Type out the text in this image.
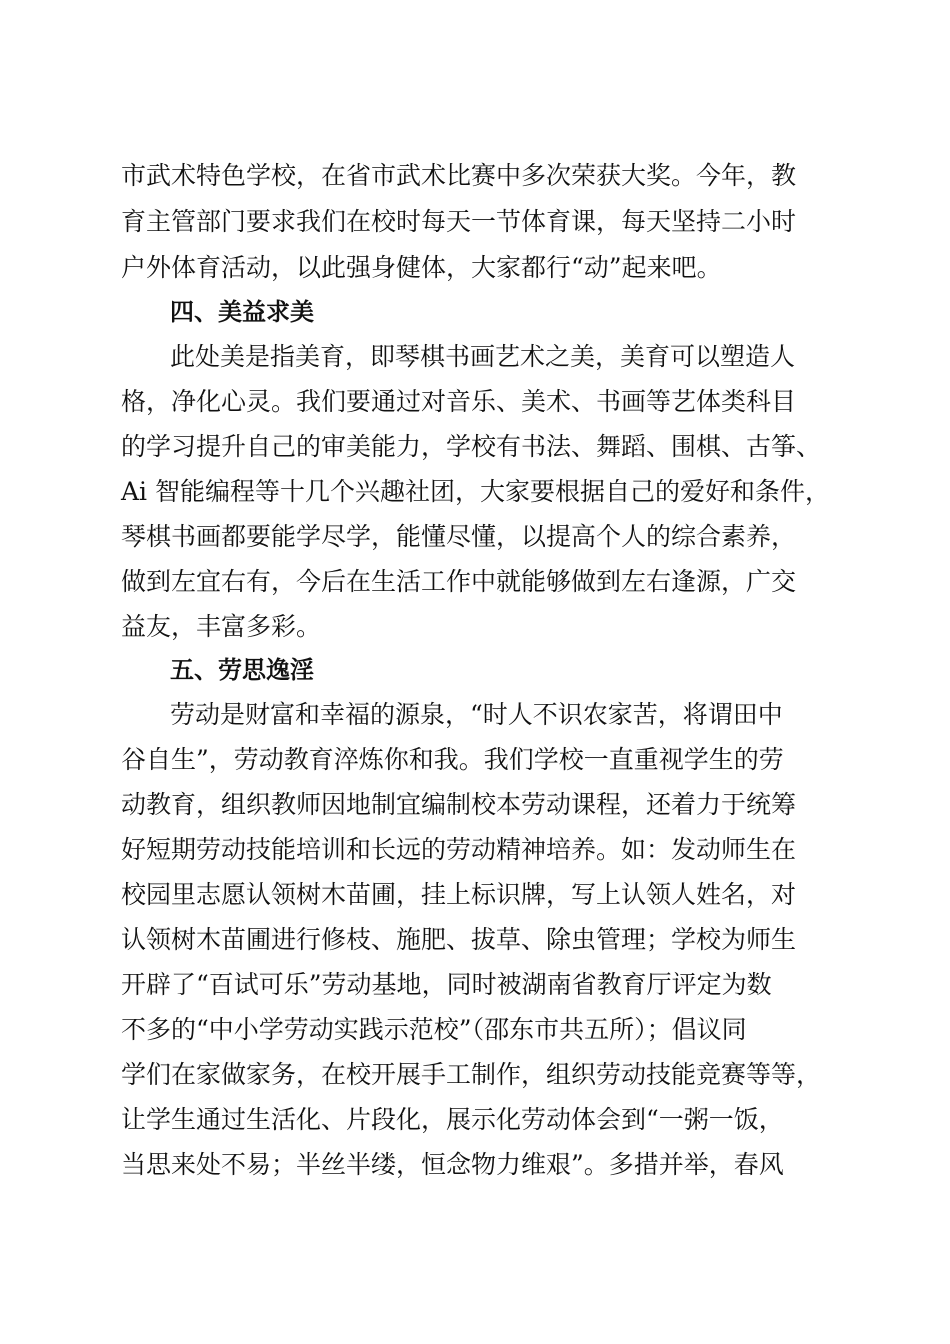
市武术特色学校，在省市武术比赛中多次荣获大奖。今年，教
育主管部门要求我们在校时每天一节体育课，每天坚持二小时
户外体育活动，以此强身健体，大家都行“动”起来吧。
四、美益求美
此处美是指美育，即琴棋书画艺术之美，美育可以塑造人
格，净化心灵。我们要通过对音乐、美术、书画等艺体类科目
的学习提升自己的审美能力，学校有书法、舞蹈、围棋、古筝、
Ai 智能编程等十几个兴趣社团，大家要根据自己的爱好和条件，
琴棋书画都要能学尽学，能懂尽懂，以提高个人的综合素养，
做到左宜右有，今后在生活工作中就能够做到左右逢源，广交
益友，丰富多彩。
五、劳思逸淫
劳动是财富和幸福的源泉，“时人不识农家苦，将谓田中
谷自生”，劳动教育淬炼你和我。我们学校一直重视学生的劳
动教育，组织教师因地制宜编制校本劳动课程，还着力于统筹
好短期劳动技能培训和长远的劳动精神培养。如：发动师生在
校园里志愿认领树木苗圃，挂上标识牌，写上认领人姓名，对
认领树木苗圃进行修枝、施肥、拔草、除虫管理；学校为师生
开辟了“百试可乐”劳动基地，同时被湖南省教育厅评定为数
不多的“中小学劳动实践示范校”（邵东市共五所）；倡议同
学们在家做家务，在校开展手工制作，组织劳动技能竞赛等等，
让学生通过生活化、片段化，展示化劳动体会到“一粥一饭，
当思来处不易；半丝半缕，恒念物力维艰”。多措并举，春风
